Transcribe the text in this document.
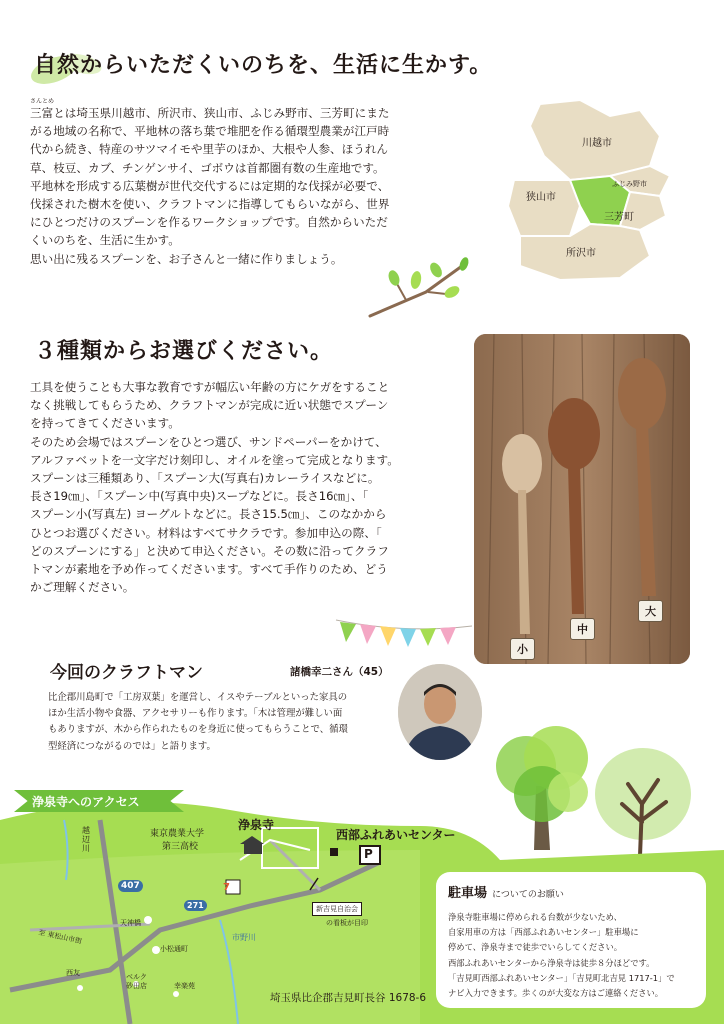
自然からいただくいのちを、生活に生かす。
さんとめ
三富とは埼玉県川越市、所沢市、狭山市、ふじみ野市、三芳町にまた
がる地域の名称で、平地林の落ち葉で堆肥を作る循環型農業が江戸時
代から続き、特産のサツマイモや里芋のほか、大根や人参、ほうれん
草、枝豆、カブ、チンゲンサイ、ゴボウは首都圏有数の生産地です。
平地林を形成する広葉樹が世代交代するには定期的な伐採が必要で、
伐採された樹木を使い、クラフトマンに指導してもらいながら、世界
にひとつだけのスプーンを作るワークショップです。自然からいただ
くいのちを、生活に生かす。
思い出に残るスプーンを、お子さんと一緒に作りましょう。
川越市
ふじみ野市
狭山市
三芳町
所沢市
３種類からお選びください。
工具を使うことも大事な教育ですが幅広い年齢の方にケガをすること
なく挑戦してもらうため、クラフトマンが完成に近い状態でスプーン
を持ってきてくださいます。
そのため会場ではスプーンをひとつ選び、サンドペーパーをかけて、
アルファベットを一文字だけ刻印し、オイルを塗って完成となります。
スプーンは三種類あり、「スプーン大(写真右)カレーライスなどに。
長さ19㎝」、「スプーン中(写真中央)スープなどに。長さ16㎝」、「
スプーン小(写真左) ヨーグルトなどに。長さ15.5㎝」、このなかから
ひとつお選びください。材料はすべてサクラです。参加申込の際、「
どのスプーンにする」と決めて申込ください。その数に沿ってクラフ
トマンが素地を予め作ってくださいます。すべて手作りのため、どう
かご理解ください。
小
中
大
今回のクラフトマン	諸橋幸二さん（45）
比企郡川島町で「工房双葉」を運営し、イスやテーブルといった家具の
ほか生活小物や食器、アクセサリーも作ります。「木は管理が難しい面
もありますが、木から作られたものを身近に使ってもらうことで、循環
型経済につながるのでは」と語ります。
浄泉寺へのアクセス
東京農業大学
第三高校
浄泉寺
西部ふれあいセンター
P
407
271
7
越
辺
川
天神橋
小松通町
新吉見自治会
の看板が目印
市野川
至 東松山市街
西友	ベルク
砂田店	幸楽苑
埼玉県比企郡吉見町長谷 1678-6
駐車場 についてのお願い
浄泉寺駐車場に停められる台数が少ないため、
自家用車の方は「西部ふれあいセンター」駐車場に
停めて、浄泉寺まで徒歩でいらしてください。
西部ふれあいセンターから浄泉寺は徒歩８分ほどです。
「吉見町西部ふれあいセンター」「吉見町北吉見 1717-1」で
ナビ入力できます。歩くのが大変な方はご連絡ください。
